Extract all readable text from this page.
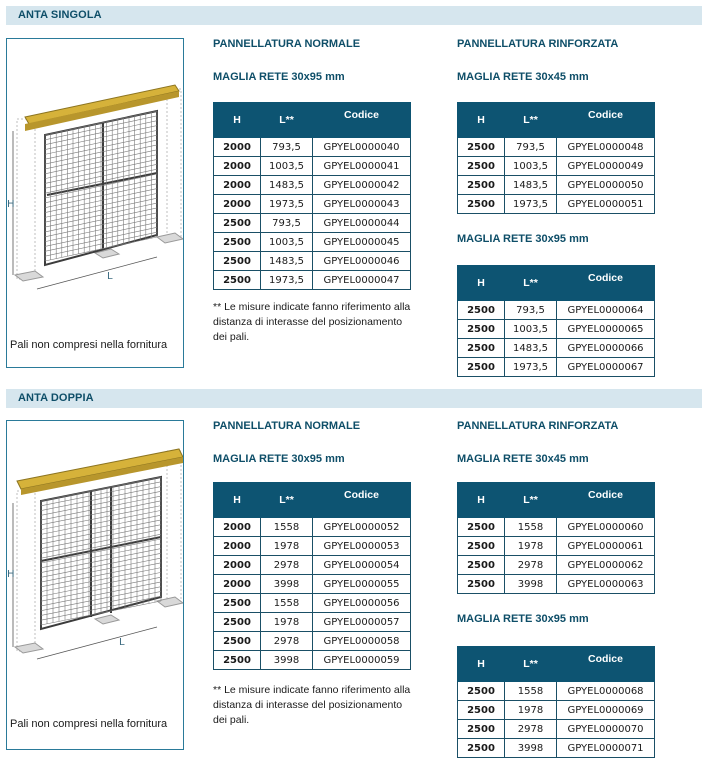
ANTA SINGOLA
H
L
Pali non compresi nella fornitura
PANNELLATURA NORMALE
MAGLIA RETE 30x95 mm
H	L**	Codice
2000	793,5	GPYEL0000040
2000	1003,5	GPYEL0000041
2000	1483,5	GPYEL0000042
2000	1973,5	GPYEL0000043
2500	793,5	GPYEL0000044
2500	1003,5	GPYEL0000045
2500	1483,5	GPYEL0000046
2500	1973,5	GPYEL0000047
** Le misure indicate fanno riferimento alla distanza di interasse del posizionamento dei pali.
PANNELLATURA RINFORZATA
MAGLIA RETE 30x45 mm
H	L**	Codice
2500	793,5	GPYEL0000048
2500	1003,5	GPYEL0000049
2500	1483,5	GPYEL0000050
2500	1973,5	GPYEL0000051
MAGLIA RETE 30x95 mm
H	L**	Codice
2500	793,5	GPYEL0000064
2500	1003,5	GPYEL0000065
2500	1483,5	GPYEL0000066
2500	1973,5	GPYEL0000067
ANTA DOPPIA
H
L
Pali non compresi nella fornitura
PANNELLATURA NORMALE
MAGLIA RETE 30x95 mm
H	L**	Codice
2000	1558	GPYEL0000052
2000	1978	GPYEL0000053
2000	2978	GPYEL0000054
2000	3998	GPYEL0000055
2500	1558	GPYEL0000056
2500	1978	GPYEL0000057
2500	2978	GPYEL0000058
2500	3998	GPYEL0000059
** Le misure indicate fanno riferimento alla distanza di interasse del posizionamento dei pali.
PANNELLATURA RINFORZATA
MAGLIA RETE 30x45 mm
H	L**	Codice
2500	1558	GPYEL0000060
2500	1978	GPYEL0000061
2500	2978	GPYEL0000062
2500	3998	GPYEL0000063
MAGLIA RETE 30x95 mm
H	L**	Codice
2500	1558	GPYEL0000068
2500	1978	GPYEL0000069
2500	2978	GPYEL0000070
2500	3998	GPYEL0000071
